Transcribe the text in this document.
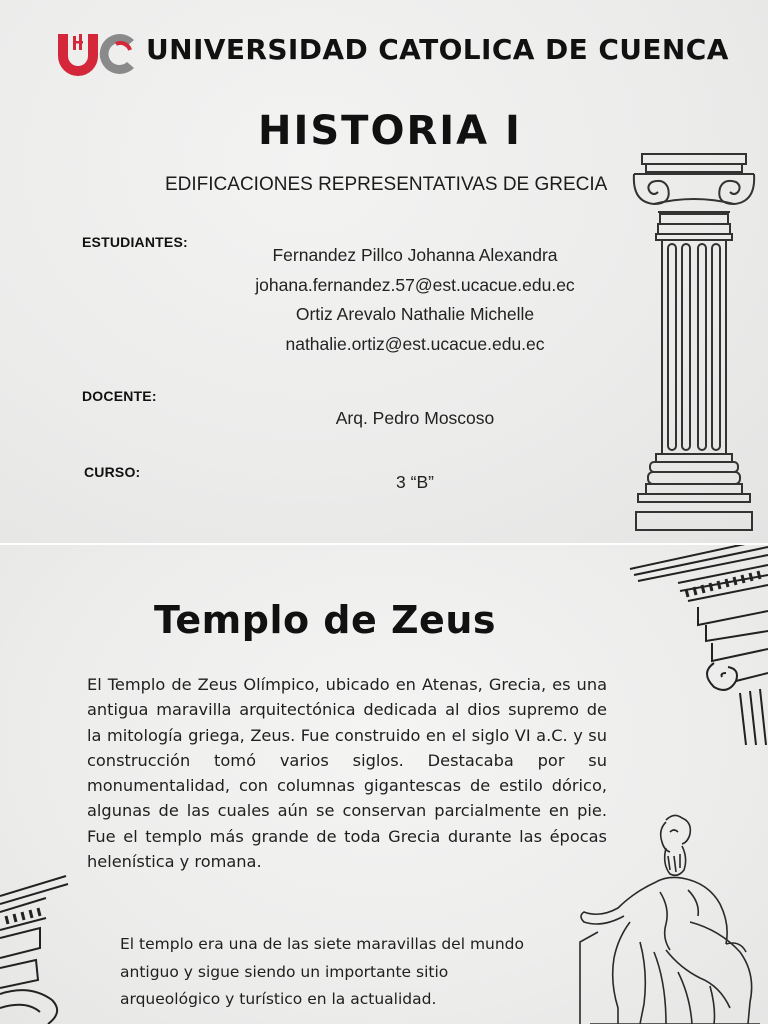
UNIVERSIDAD CATOLICA DE CUENCA
HISTORIA I
EDIFICACIONES REPRESENTATIVAS DE GRECIA
ESTUDIANTES:
Fernandez Pillco Johanna Alexandra
johana.fernandez.57@est.ucacue.edu.ec
Ortiz Arevalo Nathalie Michelle
nathalie.ortiz@est.ucacue.edu.ec
DOCENTE:
Arq. Pedro Moscoso
CURSO:	3 “B”
Templo de Zeus

El Templo de Zeus Olímpico, ubicado en Atenas, Grecia, es una antigua maravilla arquitectónica dedicada al dios supremo de la mitología griega, Zeus. Fue construido en el siglo VI a.C. y su construcción tomó varios siglos. Destacaba por su monumentalidad, con columnas gigantescas de estilo dórico, algunas de las cuales aún se conservan parcialmente en pie. Fue el templo más grande de toda Grecia durante las épocas helenística y romana.

El templo era una de las siete maravillas del mundo antiguo y sigue siendo un importante sitio arqueológico y turístico en la actualidad.
